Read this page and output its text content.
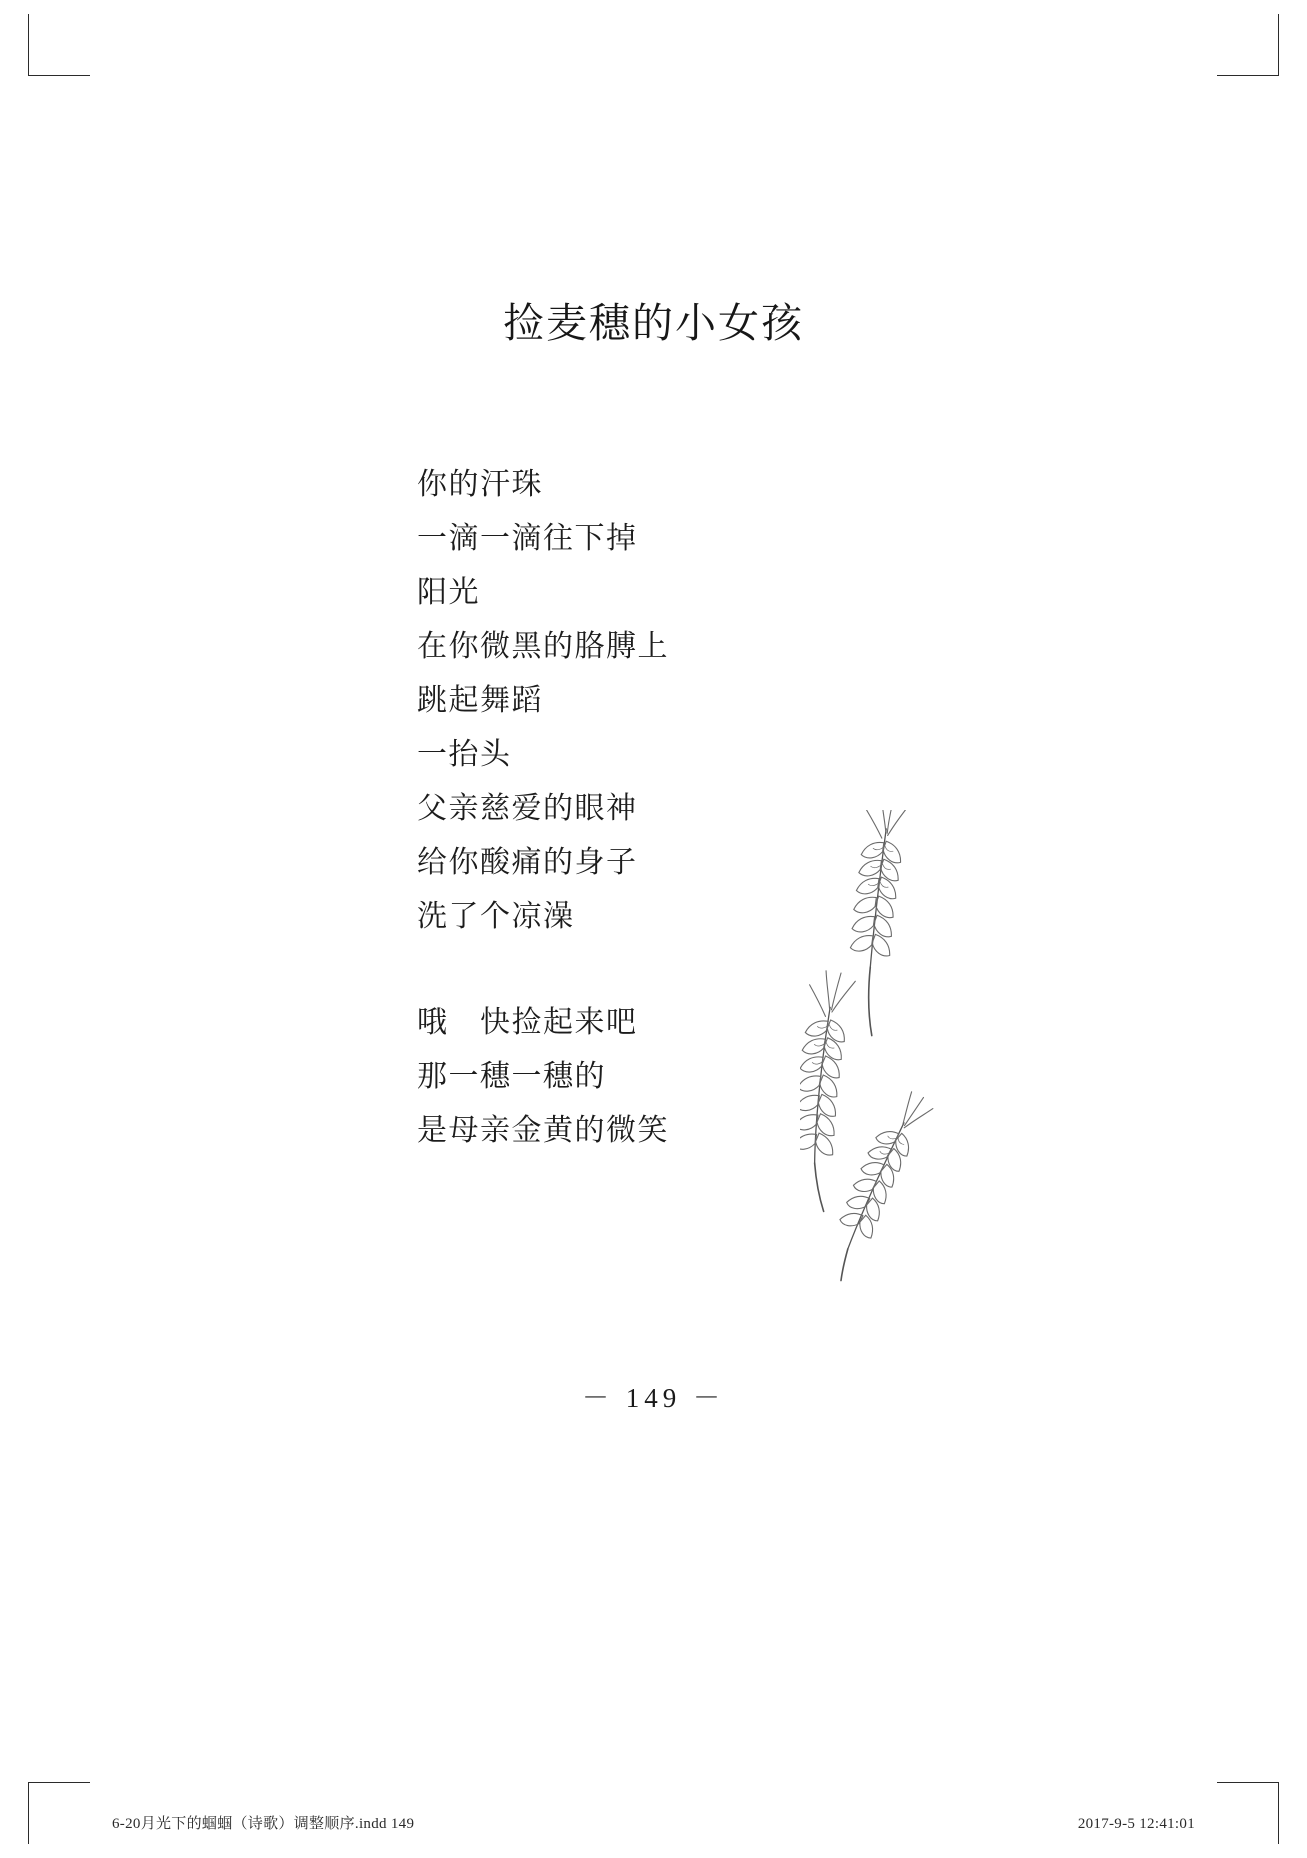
捡麦穗的小女孩
你的汗珠
一滴一滴往下掉
阳光
在你微黑的胳膊上
跳起舞蹈
一抬头
父亲慈爱的眼神
给你酸痛的身子
洗了个凉澡
哦　快捡起来吧
那一穗一穗的
是母亲金黄的微笑
－ 149 －
6-20月光下的蝈蝈（诗歌）调整顺序.indd 149	2017-9-5 12:41:01
